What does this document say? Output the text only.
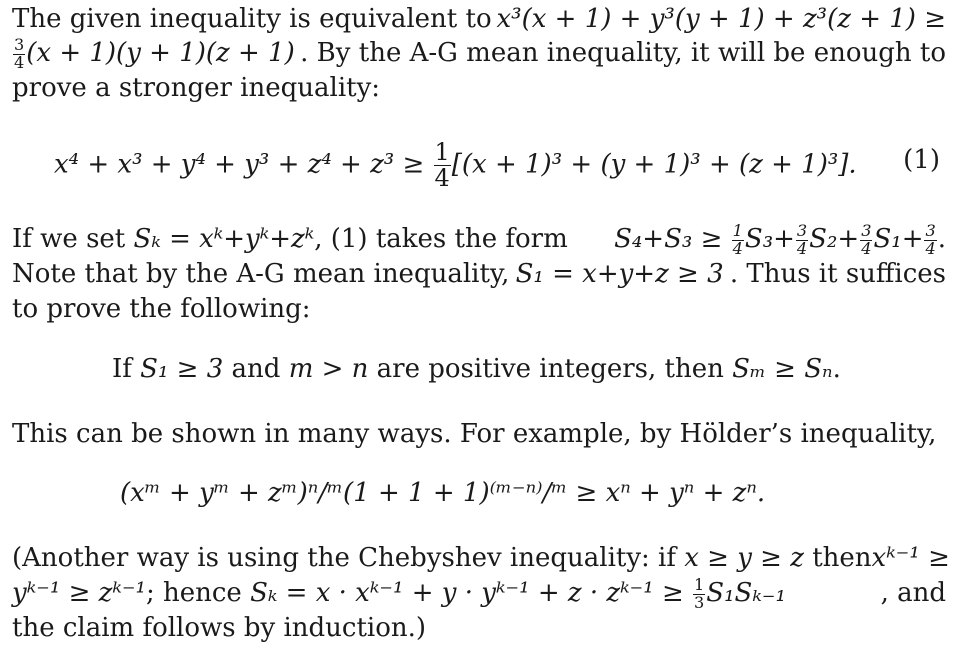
The given inequality is equivalent to x³(x + 1) + y³(y + 1) + z³(z + 1) ≥
$\frac{3}{4} (x + 1)(y + 1)(z + 1)$ . By the A-G mean inequality, it will be enough to
prove a stronger inequality:
$x^4 + x^3 + y^4 + y^3 + z^4 + z^3 \ge \frac{1}{4} [(x + 1)^3 + (y + 1)^3 + (z + 1)^3]$. (1)
If we set Sₖ = xᵏ+yᵏ+zᵏ, (1) takes the form $S_4+S_3 \ge \frac{1}{4} S_3+ \frac{3}{4} S_2+ \frac{3}{4} S_1+ \frac{3}{4}$ .
Note that by the A-G mean inequality, S₁ = x+y+z ≥ 3 . Thus it suffices
to prove the following:
If S₁ ≥ 3 and m > n are positive integers, then Sₘ ≥ Sₙ.
This can be shown in many ways. For example, by Hölder’s inequality,
(xᵐ + yᵐ + zᵐ)ⁿ/ᵐ(1 + 1 + 1)⁽ᵐ⁻ⁿ⁾/ᵐ ≥ xⁿ + yⁿ + zⁿ.
(Another way is using the Chebyshev inequality: if x ≥ y ≥ z then xᵏ⁻¹ ≥
yᵏ⁻¹ ≥ zᵏ⁻¹; hence Sₖ = x · xᵏ⁻¹ + y · yᵏ⁻¹ + z · zᵏ⁻¹ ≥ $\frac{1}{3} S_1S_{k-1}$	, and
the claim follows by induction.)
